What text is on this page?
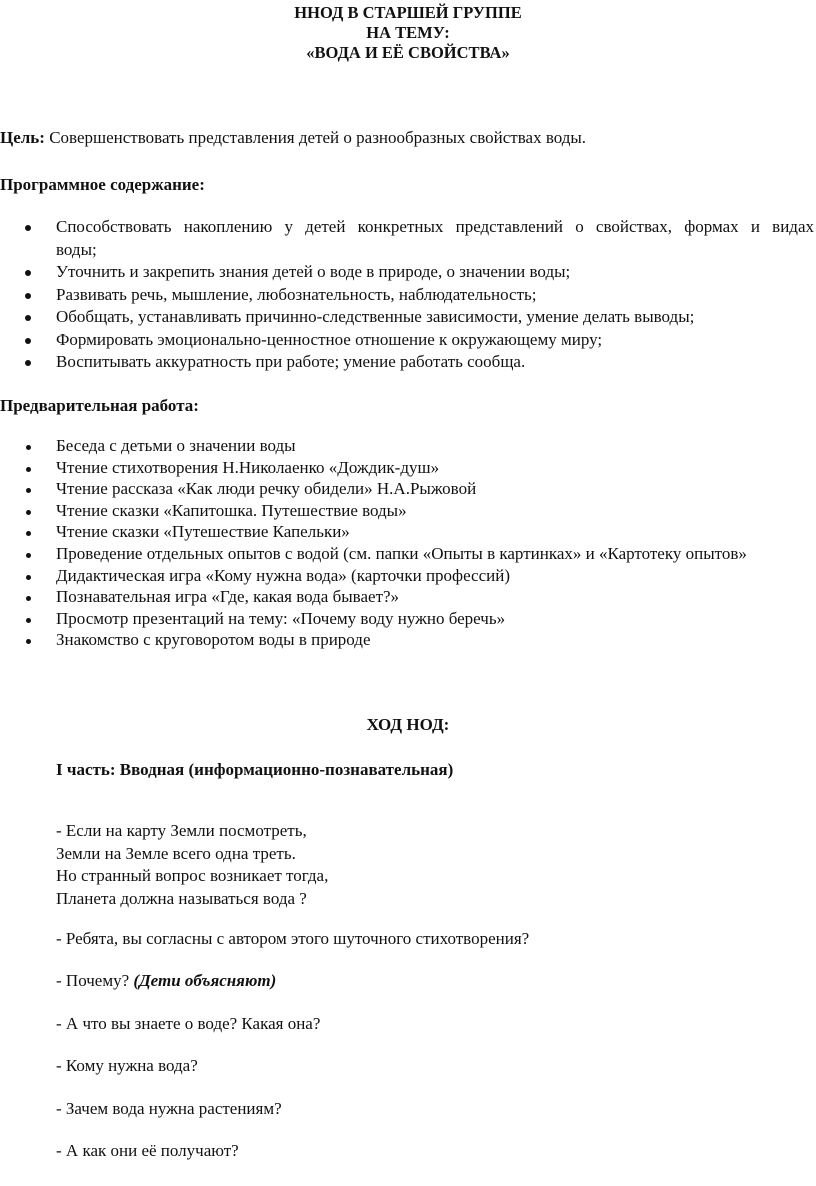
ННОД В СТАРШЕЙ ГРУППЕ
НА ТЕМУ:
«ВОДА И ЕЁ СВОЙСТВА»
Цель: Совершенствовать представления детей о разнообразных свойствах воды.
Программное содержание:
Способствовать накоплению у детей конкретных представлений о свойствах, формах и видах
воды;
Уточнить и закрепить знания детей о воде в природе, о значении воды;
Развивать речь, мышление, любознательность, наблюдательность;
Обобщать, устанавливать причинно-следственные зависимости, умение делать выводы;
Формировать эмоционально-ценностное отношение к окружающему миру;
Воспитывать аккуратность при работе; умение работать сообща.
Предварительная работа:
Беседа с детьми о значении воды
Чтение стихотворения Н.Николаенко «Дождик-душ»
Чтение рассказа «Как люди речку обидели» Н.А.Рыжовой
Чтение сказки «Капитошка. Путешествие воды»
Чтение сказки «Путешествие Капельки»
Проведение отдельных опытов с водой (см. папки «Опыты в картинках» и «Картотеку опытов»
Дидактическая игра «Кому нужна вода» (карточки профессий)
Познавательная игра «Где, какая вода бывает?»
Просмотр презентаций на тему: «Почему воду нужно беречь»
Знакомство с круговоротом воды в природе
ХОД НОД:
I часть: Вводная (информационно-познавательная)
- Если на карту Земли посмотреть,
Земли на Земле всего одна треть.
Но странный вопрос возникает тогда,
Планета должна называться вода ?
- Ребята, вы согласны с автором этого шуточного стихотворения?
- Почему? (Дети объясняют)
- А что вы знаете о воде? Какая она?
- Кому нужна вода?
- Зачем вода нужна растениям?
- А как они её получают?
